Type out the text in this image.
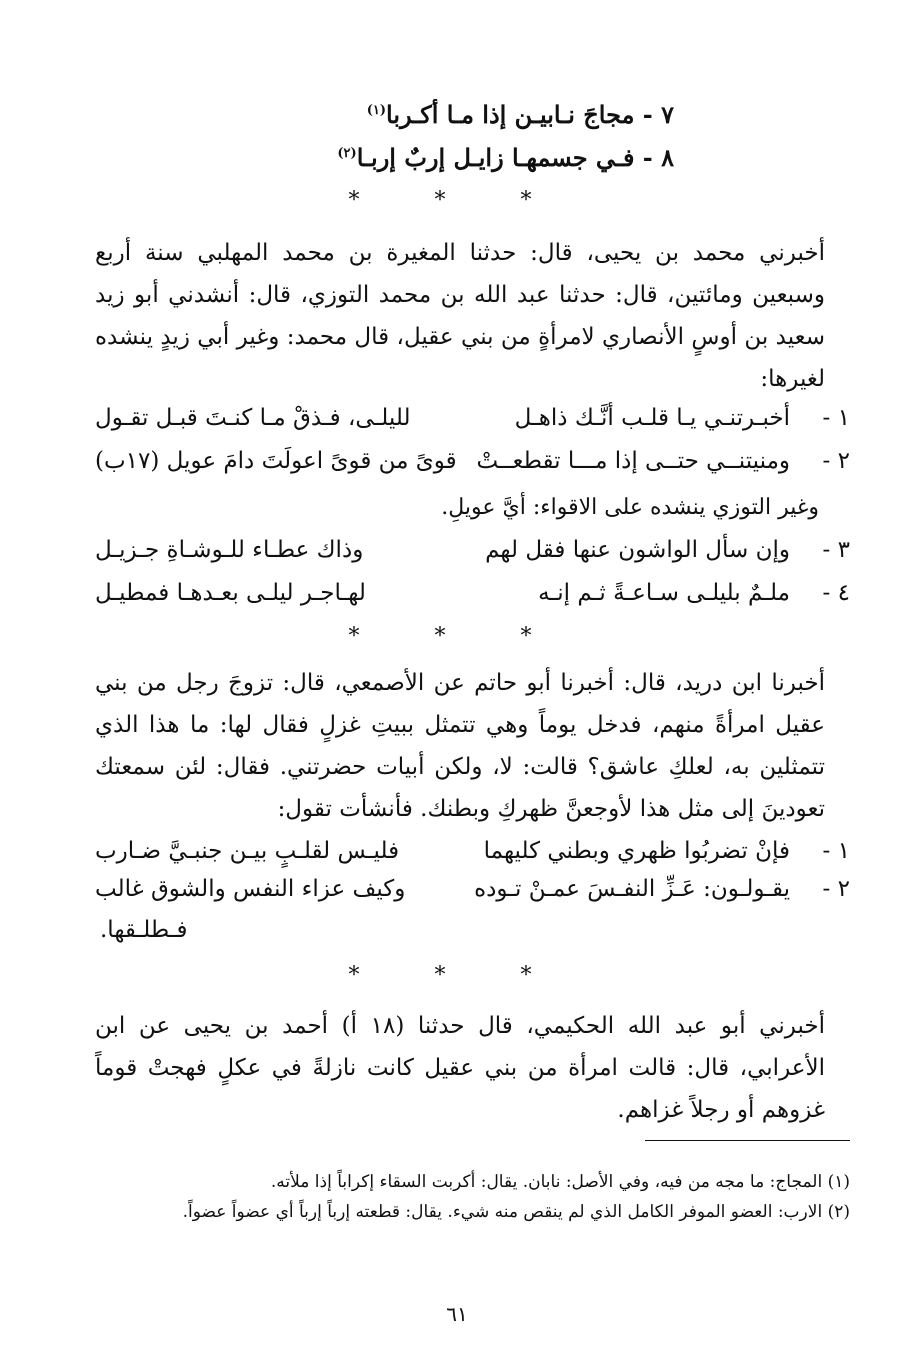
٧ - مجاجَ نـابيـن إذا مـا أكـربا$^{(١)}$
٨ - فـي جسمهـا زايـل إربٌ إربـا$^{(٢)}$
* * *
أخبرني محمد بن يحيى، قال: حدثنا المغيرة بن محمد المهلبي سنة أربع وسبعين ومائتين، قال: حدثنا عبد الله بن محمد التوزي، قال: أنشدني أبو زيد سعيد بن أوسٍ الأنصاري لامرأةٍ من بني عقيل، قال محمد: وغير أبي زيدٍ ينشده لغيرها:
١ -
أخبـرتنـي يـا قلـب أنَّـك ذاهـل
لليلـى، فـذقْ مـا كنـتَ قبـل تقـول
٢ -
ومنيتنــي حتــى إذا مـــا تقطعــتْ
قوىً من قوىً اعولَتَ دامَ عويل (١٧ب)
وغير التوزي ينشده على الاقواء: أيَّ عويلِ.
٣ -
وإن سأل الواشون عنها فقل لهم
وذاك عطـاء للـوشـاةِ جـزيـل
٤ -
ملـمٌ بليلـى سـاعـةً ثـم إنـه
لهـاجـر ليلـى بعـدهـا فمطيـل
* * *
أخبرنا ابن دريد، قال: أخبرنا أبو حاتم عن الأصمعي، قال: تزوجَ رجل من بني عقيل امرأةً منهم، فدخل يوماً وهي تتمثل ببيتِ غزلٍ فقال لها: ما هذا الذي تتمثلين به، لعلكِ عاشق؟ قالت: لا، ولكن أبيات حضرتني. فقال: لئن سمعتك تعودينَ إلى مثل هذا لأوجعنَّ ظهركِ وبطنك. فأنشأت تقول:
١ -
فإنْ تضربُوا ظهري وبطني كليهما
فليـس لقلـبٍ بيـن جنبـيَّ ضـارب
٢ -
يقـولـون: عَـزِّ النفـسَ عمـنْ تـوده
وكيف عزاء النفس والشوق غالب
فـطلـقها.
* * *
أخبرني أبو عبد الله الحكيمي، قال حدثنا (١٨ أ) أحمد بن يحيى عن ابن الأعرابي، قال: قالت امرأة من بني عقيل كانت نازلةً في عكلٍ فهجتْ قوماً غزوهم أو رجلاً غزاهم.
(١) المجاج: ما مجه من فيه، وفي الأصل: نابان. يقال: أكربت السقاء إكراباً إذا ملأته.
(٢) الارب: العضو الموفر الكامل الذي لم ينقص منه شيء. يقال: قطعته إرباً إرباً أي عضواً عضواً.
٦١
